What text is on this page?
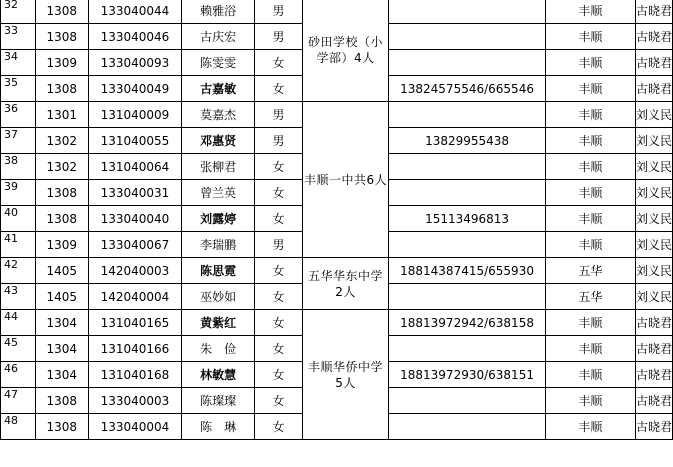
32	1308	133040044	赖雅浴	男	砂田学校（小学部）4人		丰顺	古晓君	
33	1308	133040046	古庆宏	男			丰顺	古晓君	
34	1309	133040093	陈雯雯	女			丰顺	古晓君	
35	1308	133040049	古嘉敏	女		13824575546/665546	丰顺	古晓君	
36	1301	131040009	莫嘉杰	男	丰顺一中共6人		丰顺	刘义民	
37	1302	131040055	邓惠贤	男		13829955438	丰顺	刘义民	
38	1302	131040064	张柳君	女			丰顺	刘义民	
39	1308	133040031	曾兰英	女			丰顺	刘义民	
40	1308	133040040	刘露婷	女		15113496813	丰顺	刘义民	
41	1309	133040067	李瑞鹏	男			丰顺	刘义民	
42	1405	142040003	陈思霓	女	五华华东中学 2人	18814387415/655930	五华	刘义民	
43	1405	142040004	巫妙如	女			五华	刘义民	
44	1304	131040165	黄紫红	女	丰顺华侨中学 5人	18813972942/638158	丰顺	古晓君	
45	1304	131040166	朱　俭	女			丰顺	古晓君	
46	1304	131040168	林敏慧	女		18813972930/638151	丰顺	古晓君	
47	1308	133040003	陈璨璨	女			丰顺	古晓君	
48	1308	133040004	陈　琳	女			丰顺	古晓君	
